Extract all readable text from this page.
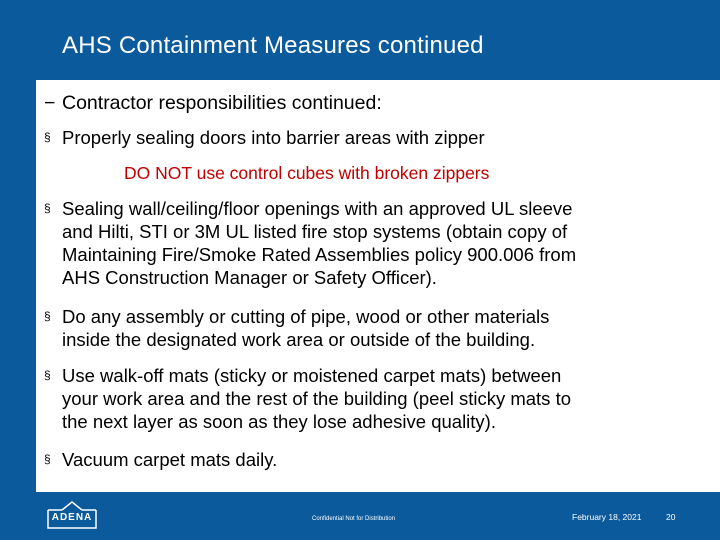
AHS Containment Measures continued
− Contractor responsibilities continued:
§ Properly sealing doors into barrier areas with zipper
DO NOT use control cubes with broken zippers
§ Sealing wall/ceiling/floor openings with an approved UL sleeve
and Hilti, STI or 3M UL listed fire stop systems (obtain copy of
Maintaining Fire/Smoke Rated Assemblies policy 900.006 from
AHS Construction Manager or Safety Officer).
§ Do any assembly or cutting of pipe, wood or other materials
inside the designated work area or outside of the building.
§ Use walk-off mats (sticky or moistened carpet mats) between
your work area and the rest of the building (peel sticky mats to
the next layer as soon as they lose adhesive quality).
§ Vacuum carpet mats daily.
ADENA	Confidential Not for Distribution	February 18, 2021	20
